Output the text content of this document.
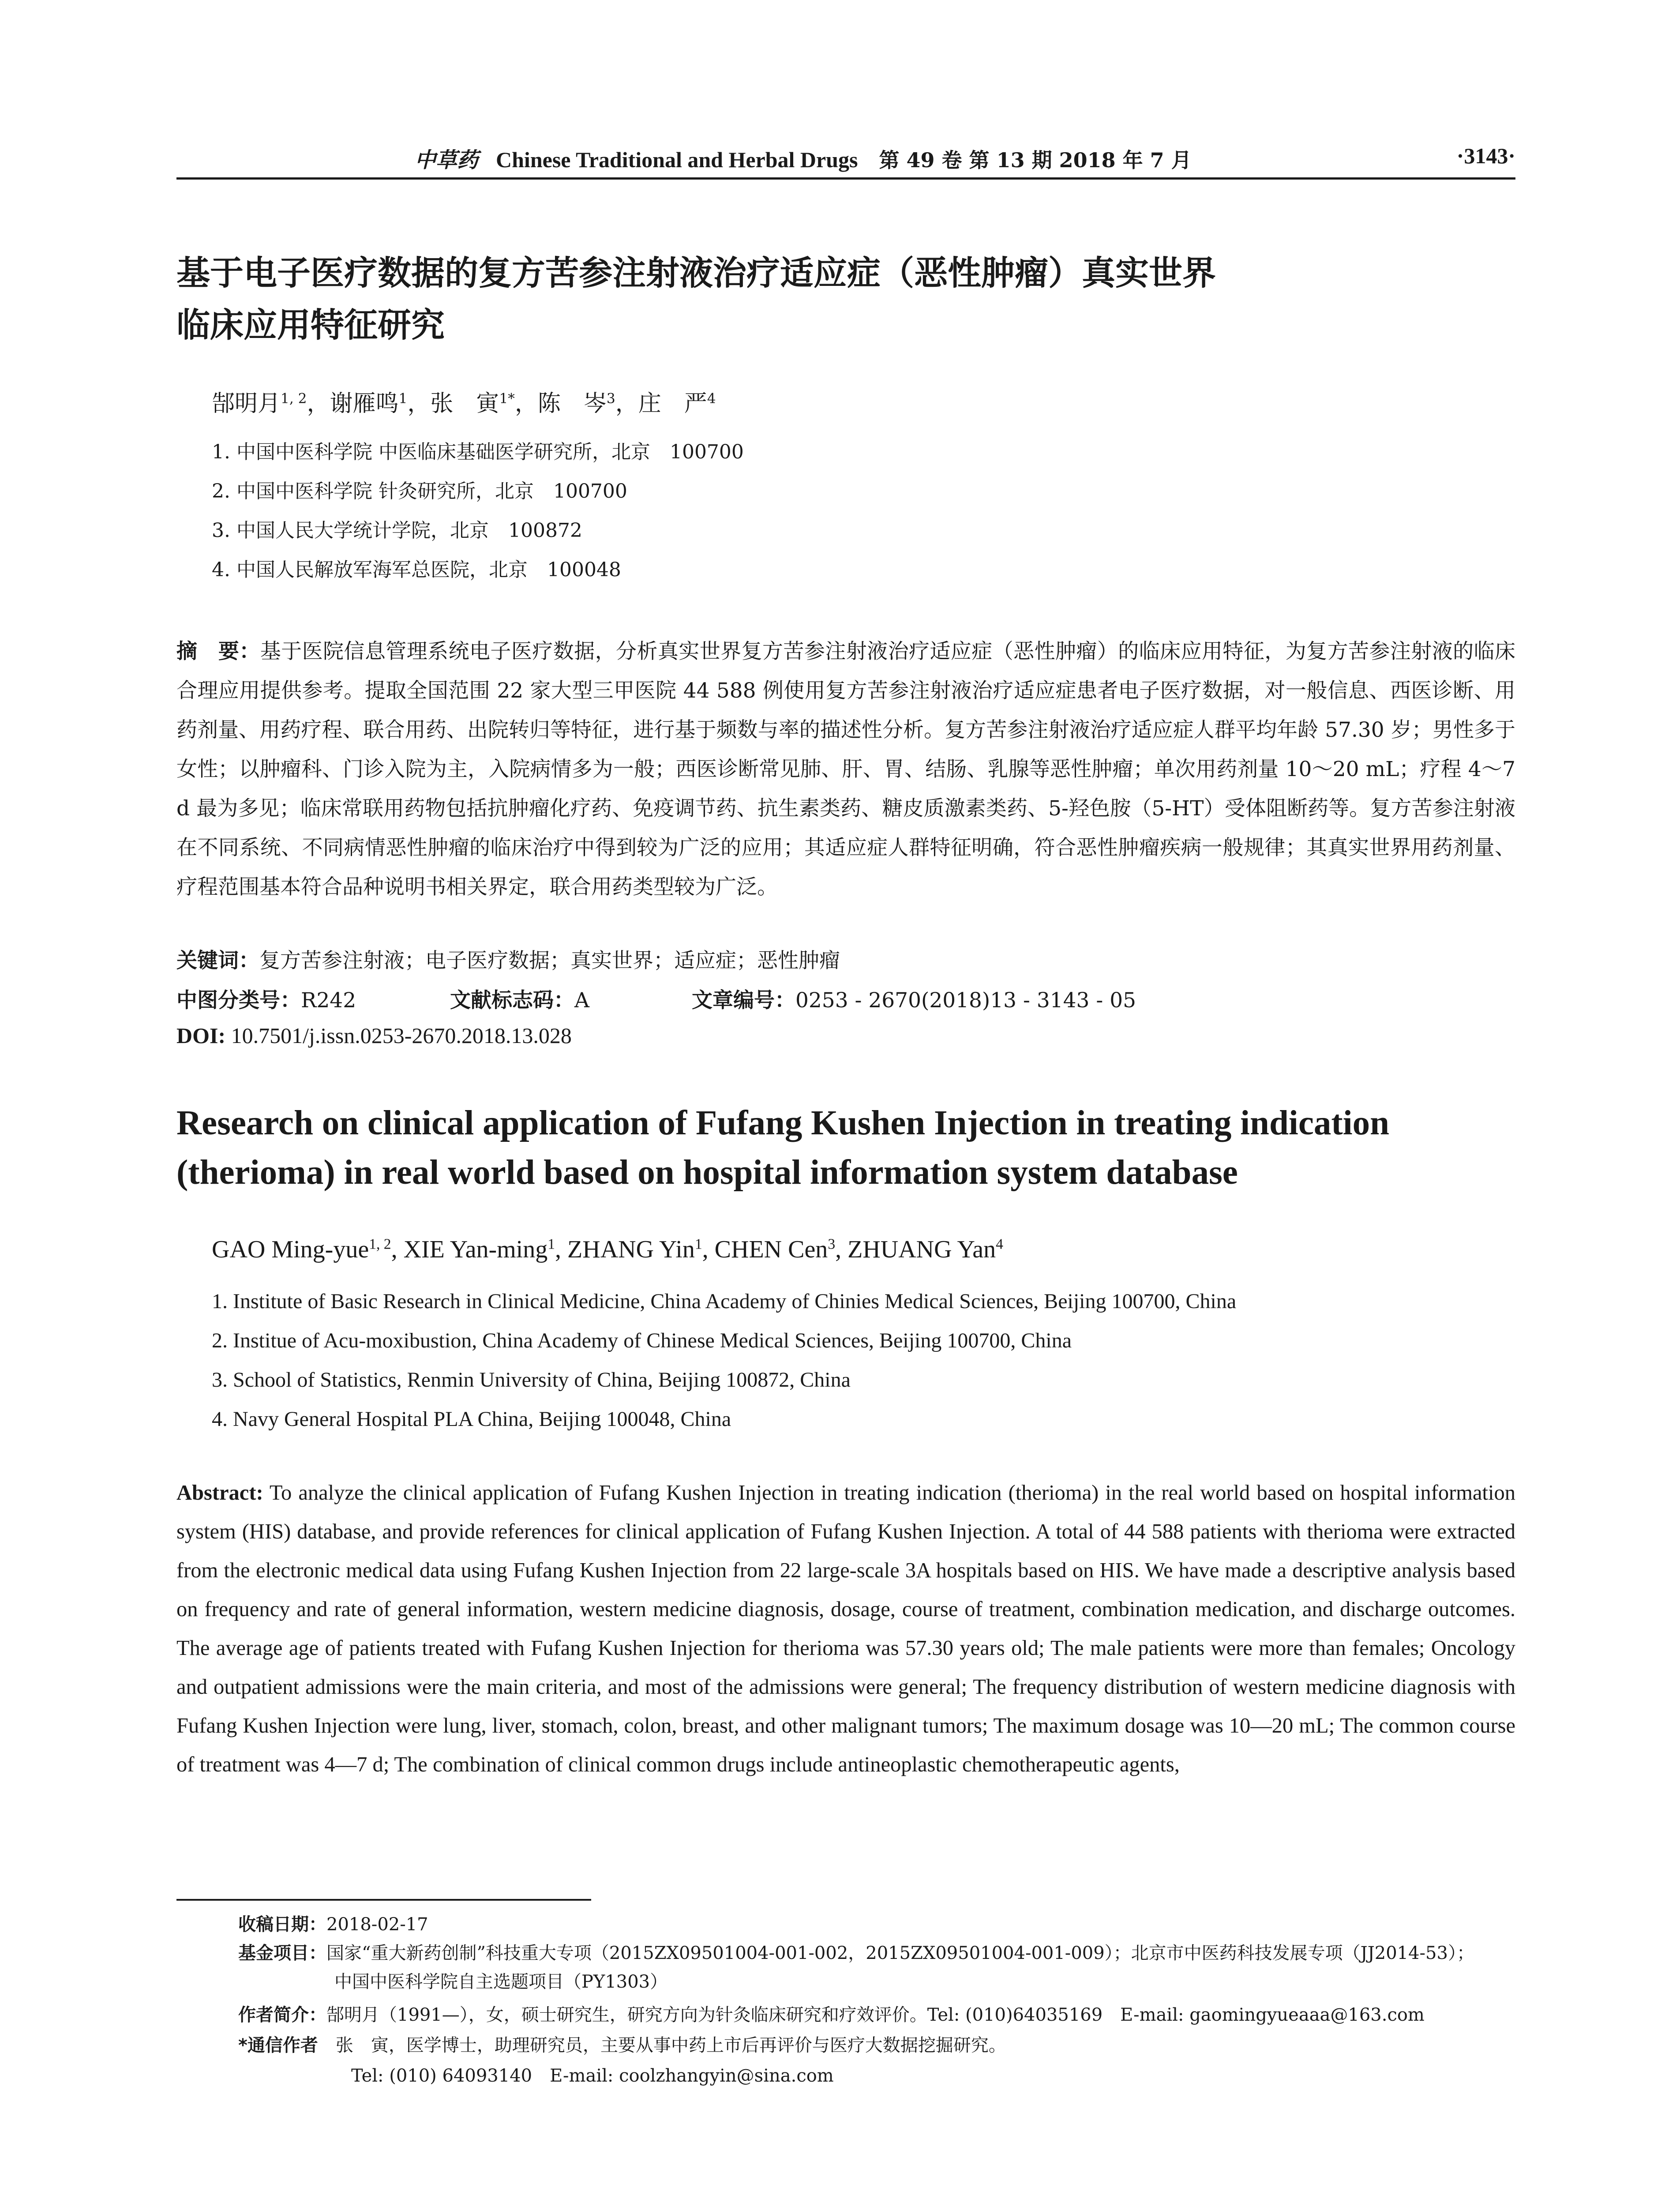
中草药 Chinese Traditional and Herbal Drugs 第 49 卷 第 13 期 2018 年 7 月	·3143·
基于电子医疗数据的复方苦参注射液治疗适应症（恶性肿瘤）真实世界
临床应用特征研究
郜明月$^{1, 2}$，谢雁鸣$^1$，张　寅$^{1*}$，陈　岑$^3$，庄　严$^4$
1. 中国中医科学院 中医临床基础医学研究所，北京　100700
2. 中国中医科学院 针灸研究所，北京　100700
3. 中国人民大学统计学院，北京　100872
4. 中国人民解放军海军总医院，北京　100048
摘　要：基于医院信息管理系统电子医疗数据，分析真实世界复方苦参注射液治疗适应症（恶性肿瘤）的临床应用特征，为复方苦参注射液的临床合理应用提供参考。提取全国范围 22 家大型三甲医院 44 588 例使用复方苦参注射液治疗适应症患者电子医疗数据，对一般信息、西医诊断、用药剂量、用药疗程、联合用药、出院转归等特征，进行基于频数与率的描述性分析。复方苦参注射液治疗适应症人群平均年龄 57.30 岁；男性多于女性；以肿瘤科、门诊入院为主，入院病情多为一般；西医诊断常见肺、肝、胃、结肠、乳腺等恶性肿瘤；单次用药剂量 10～20 mL；疗程 4～7 d 最为多见；临床常联用药物包括抗肿瘤化疗药、免疫调节药、抗生素类药、糖皮质激素类药、5-羟色胺（5-HT）受体阻断药等。复方苦参注射液在不同系统、不同病情恶性肿瘤的临床治疗中得到较为广泛的应用；其适应症人群特征明确，符合恶性肿瘤疾病一般规律；其真实世界用药剂量、疗程范围基本符合品种说明书相关界定，联合用药类型较为广泛。
关键词：复方苦参注射液；电子医疗数据；真实世界；适应症；恶性肿瘤
中图分类号：R242	文献标志码：A	文章编号：0253 - 2670(2018)13 - 3143 - 05
DOI: 10.7501/j.issn.0253-2670.2018.13.028
Research on clinical application of Fufang Kushen Injection in treating indication
(therioma) in real world based on hospital information system database
GAO Ming-yue$^{1, 2}$, XIE Yan-ming$^1$, ZHANG Yin$^1$, CHEN Cen$^3$, ZHUANG Yan$^4$
1. Institute of Basic Research in Clinical Medicine, China Academy of Chinies Medical Sciences, Beijing 100700, China
2. Institue of Acu-moxibustion, China Academy of Chinese Medical Sciences, Beijing 100700, China
3. School of Statistics, Renmin University of China, Beijing 100872, China
4. Navy General Hospital PLA China, Beijing 100048, China
Abstract: To analyze the clinical application of Fufang Kushen Injection in treating indication (therioma) in the real world based on hospital information system (HIS) database, and provide references for clinical application of Fufang Kushen Injection. A total of 44 588 patients with therioma were extracted from the electronic medical data using Fufang Kushen Injection from 22 large-scale 3A hospitals based on HIS. We have made a descriptive analysis based on frequency and rate of general information, western medicine diagnosis, dosage, course of treatment, combination medication, and discharge outcomes. The average age of patients treated with Fufang Kushen Injection for therioma was 57.30 years old; The male patients were more than females; Oncology and outpatient admissions were the main criteria, and most of the admissions were general; The frequency distribution of western medicine diagnosis with Fufang Kushen Injection were lung, liver, stomach, colon, breast, and other malignant tumors; The maximum dosage was 10—20 mL; The common course of treatment was 4—7 d; The combination of clinical common drugs include antineoplastic chemotherapeutic agents,
收稿日期：2018-02-17
基金项目：国家“重大新药创制”科技重大专项（2015ZX09501004-001-002，2015ZX09501004-001-009）；北京市中医药科技发展专项（JJ2014-53）；
中国中医科学院自主选题项目（PY1303）
作者简介：郜明月（1991—），女，硕士研究生，研究方向为针灸临床研究和疗效评价。Tel: (010)64035169　E-mail: gaomingyueaaa@163.com
*通信作者　张　寅，医学博士，助理研究员，主要从事中药上市后再评价与医疗大数据挖掘研究。
Tel: (010) 64093140　E-mail: coolzhangyin@sina.com
